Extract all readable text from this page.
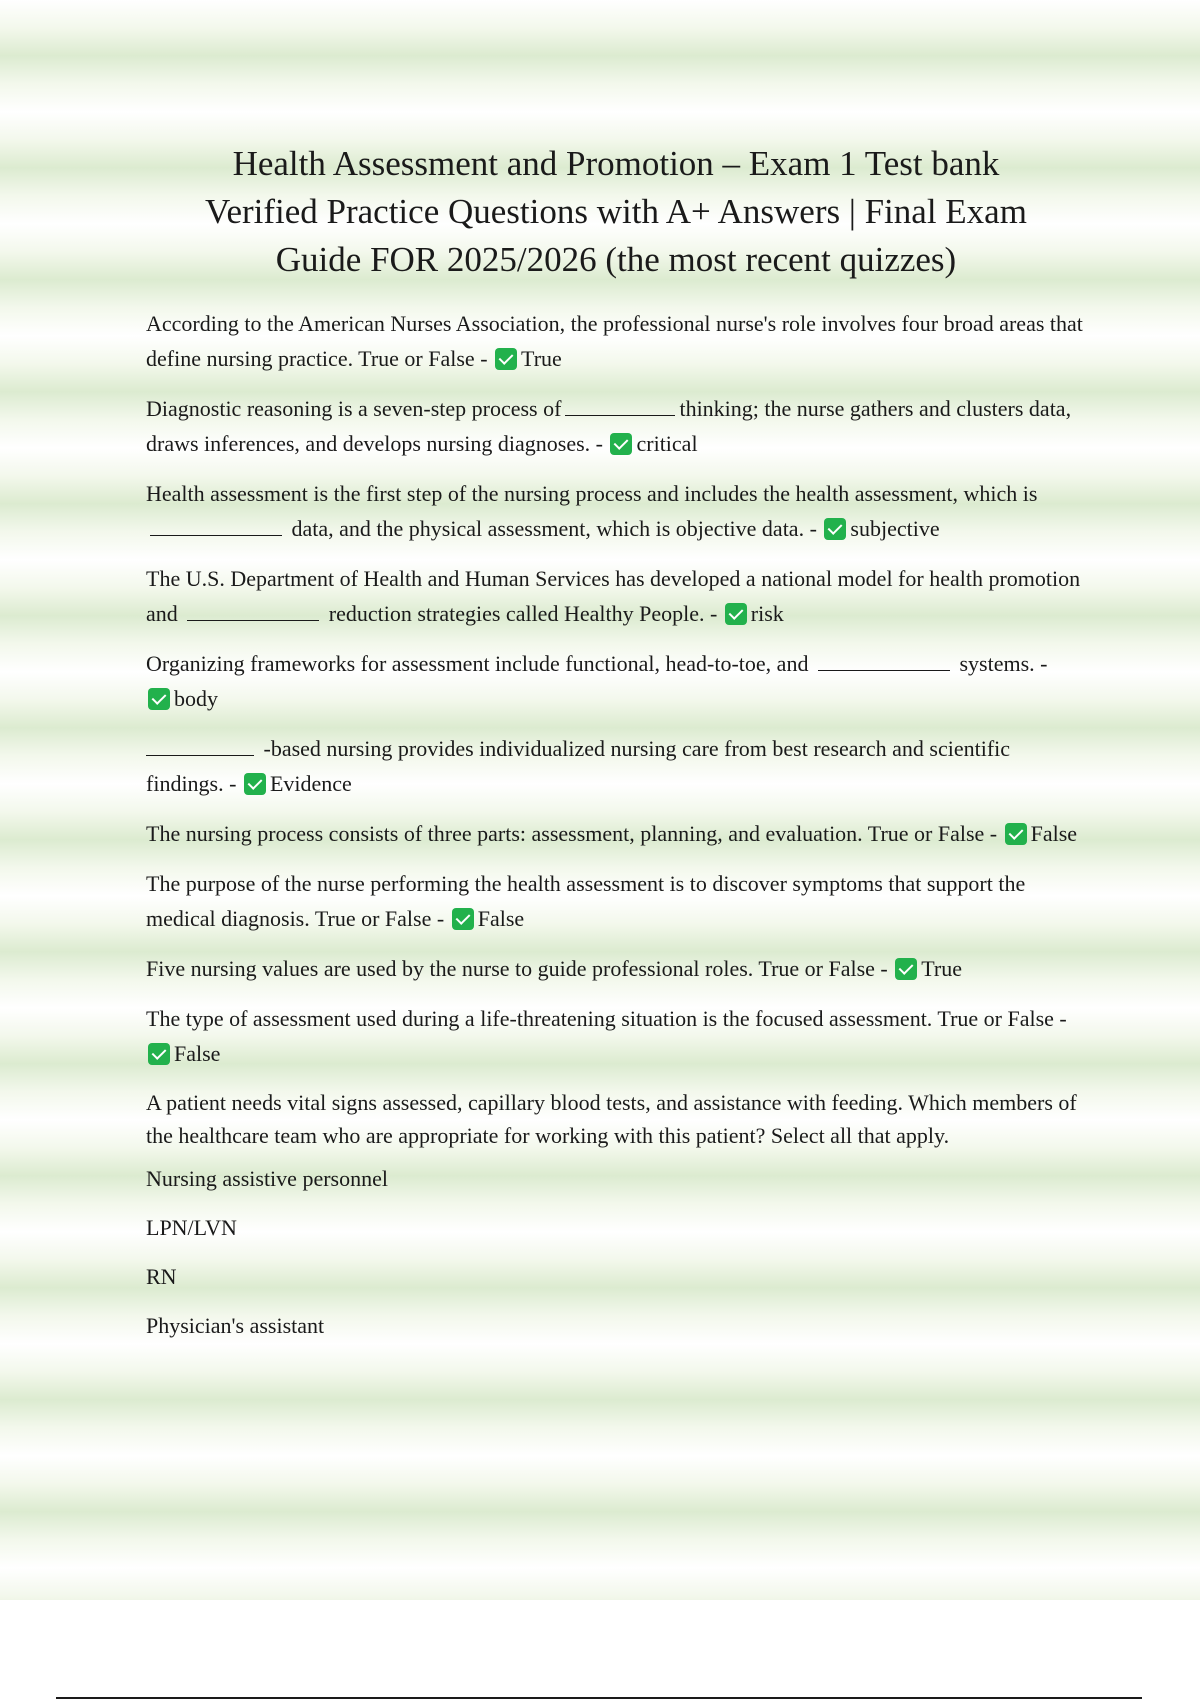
Health Assessment and Promotion – Exam 1 Test bank
Verified Practice Questions with A+ Answers | Final Exam
Guide FOR 2025/2026 (the most recent quizzes)

According to the American Nurses Association, the professional nurse's role involves four broad areas that define nursing practice. True or False - True

Diagnostic reasoning is a seven-step process of	thinking; the nurse gathers and clusters data, draws inferences, and develops nursing diagnoses. - critical

Health assessment is the first step of the nursing process and includes the health assessment, which is  data, and the physical assessment, which is objective data. - subjective

The U.S. Department of Health and Human Services has developed a national model for health promotion and	reduction strategies called Healthy People. - risk

Organizing frameworks for assessment include functional, head-to-toe, and	systems. - body

-based nursing provides individualized nursing care from best research and scientific findings. - Evidence

The nursing process consists of three parts: assessment, planning, and evaluation. True or False - False

The purpose of the nurse performing the health assessment is to discover symptoms that support the medical diagnosis. True or False - False

Five nursing values are used by the nurse to guide professional roles. True or False - True

The type of assessment used during a life-threatening situation is the focused assessment. True or False - False

A patient needs vital signs assessed, capillary blood tests, and assistance with feeding. Which members of the healthcare team who are appropriate for working with this patient? Select all that apply.

Nursing assistive personnel

LPN/LVN

RN

Physician's assistant
